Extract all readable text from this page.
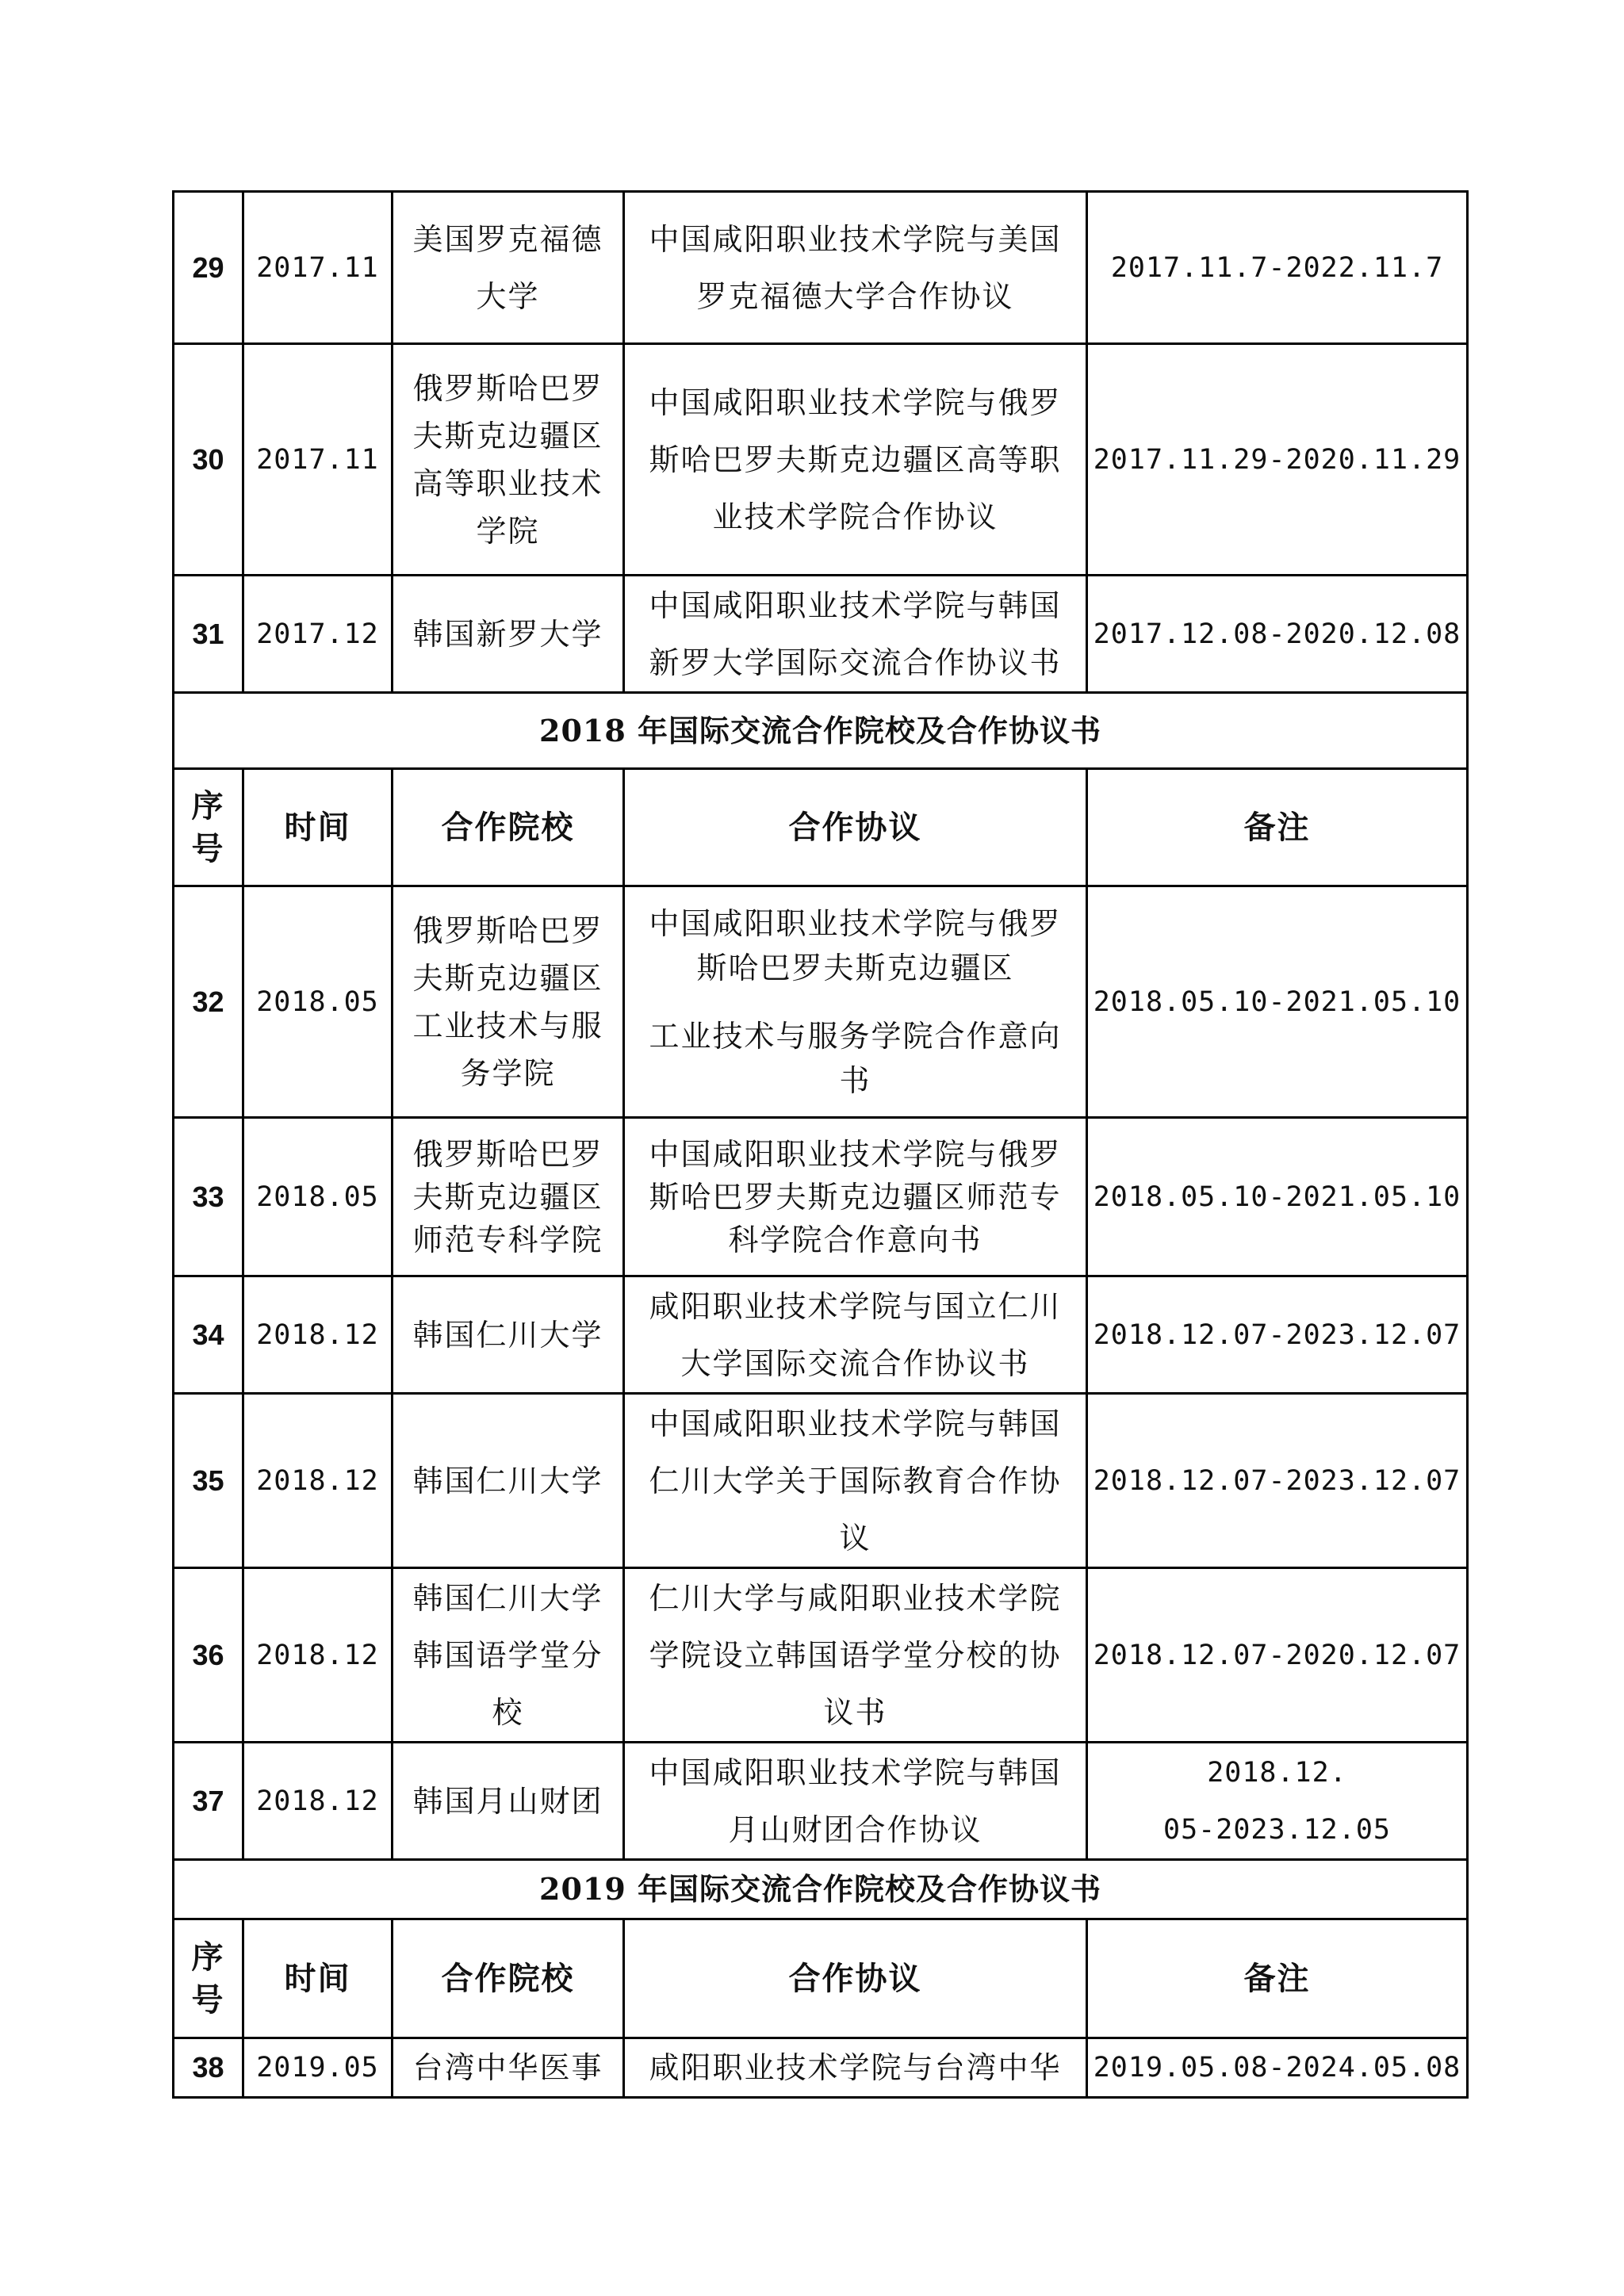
29	2017.11	美国罗克福德大学	中国咸阳职业技术学院与美国罗克福德大学合作协议	2017.11.7-2022.11.7
30	2017.11	俄罗斯哈巴罗夫斯克边疆区高等职业技术学院	中国咸阳职业技术学院与俄罗斯哈巴罗夫斯克边疆区高等职业技术学院合作协议	2017.11.29-2020.11.29
31	2017.12	韩国新罗大学	中国咸阳职业技术学院与韩国新罗大学国际交流合作协议书	2017.12.08-2020.12.08
2018 年国际交流合作院校及合作协议书				

序
号	时间	合作院校	合作协议	备注
32	2018.05	俄罗斯哈巴罗夫斯克边疆区工业技术与服务学院	中国咸阳职业技术学院与俄罗斯哈巴罗夫斯克边疆区
工业技术与服务学院合作意向书	2018.05.10-2021.05.10
33	2018.05	俄罗斯哈巴罗夫斯克边疆区师范专科学院	中国咸阳职业技术学院与俄罗斯哈巴罗夫斯克边疆区师范专科学院合作意向书	2018.05.10-2021.05.10
34	2018.12	韩国仁川大学	咸阳职业技术学院与国立仁川大学国际交流合作协议书	2018.12.07-2023.12.07
35	2018.12	韩国仁川大学	中国咸阳职业技术学院与韩国仁川大学关于国际教育合作协议	2018.12.07-2023.12.07
36	2018.12	韩国仁川大学韩国语学堂分校	仁川大学与咸阳职业技术学院学院设立韩国语学堂分校的协议书	2018.12.07-2020.12.07
37	2018.12	韩国月山财团	中国咸阳职业技术学院与韩国月山财团合作协议	2018.12.
05-2023.12.05

2019 年国际交流合作院校及合作协议书				

序
号	时间	合作院校	合作协议	备注
38	2019.05	台湾中华医事	咸阳职业技术学院与台湾中华	2019.05.08-2024.05.08
